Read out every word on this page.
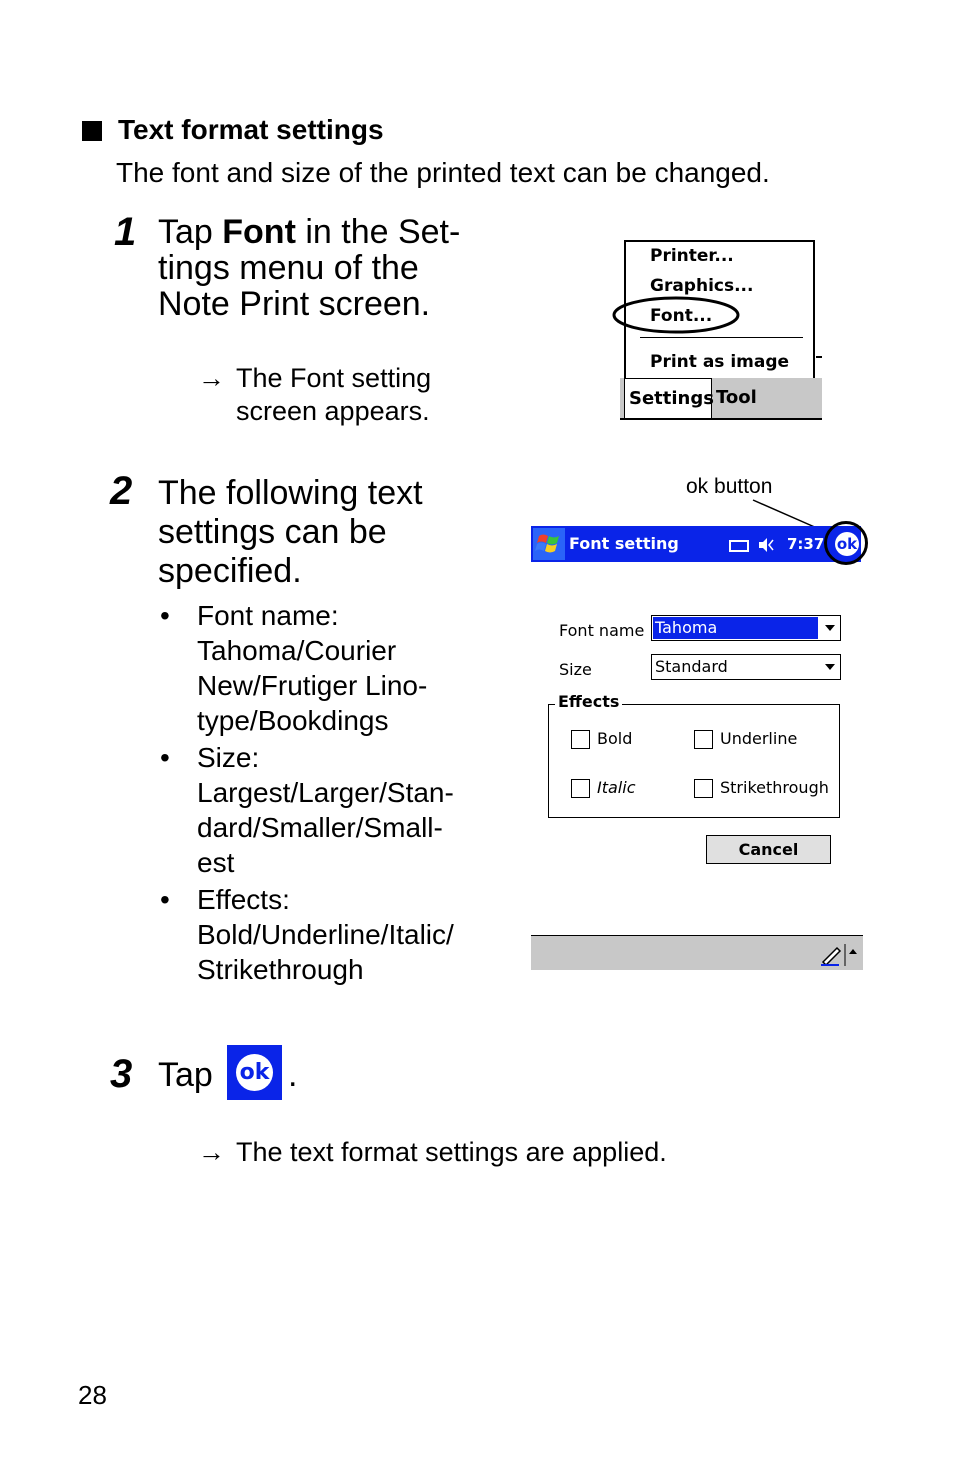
Text format settings
The font and size of the printed text can be changed.
1 Tap Font in the Set-
tings menu of the
Note Print screen.
→ The Font setting
screen appears.
Printer...
Graphics...
Font...
Print as image
Settings Tool
2 The following text
settings can be
specified.
• Font name:
Tahoma/Courier
New/Frutiger Lino-
type/Bookdings
• Size:
Largest/Larger/Stan-
dard/Smaller/Small-
est
• Effects:
Bold/Underline/Italic/
Strikethrough
ok button
Font setting	7:37 ok
Font name Tahoma
Size	Standard
Effects
Bold	Underline
Italic	Strikethrough
Cancel
3 Tap ok .
→ The text format settings are applied.
28
